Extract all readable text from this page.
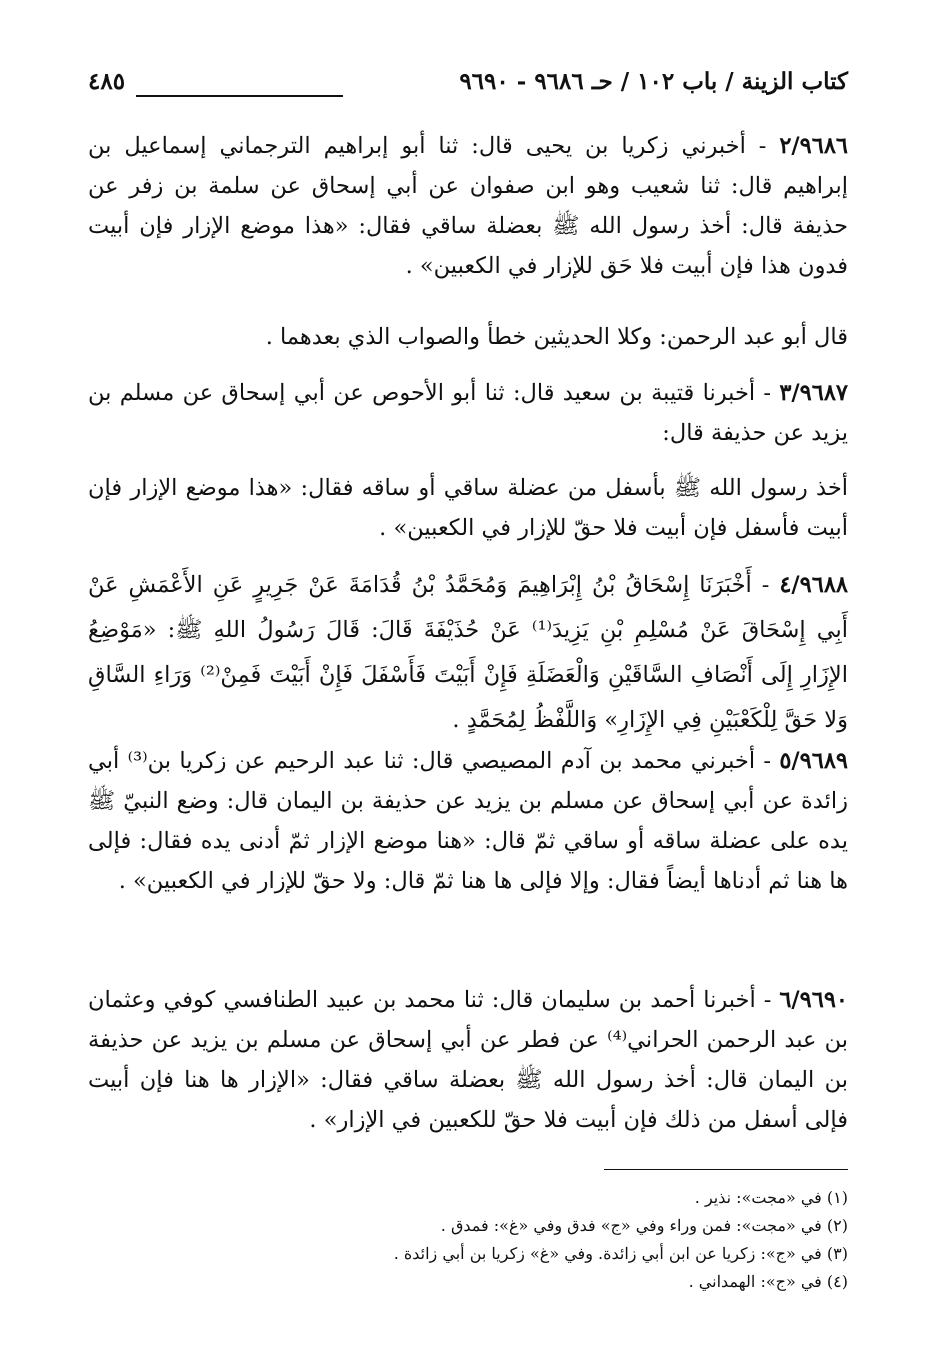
كتاب الزينة / باب ١٠٢ / حـ ٩٦٨٦ - ٩٦٩٠
٤٨٥

٢/٩٦٨٦ - أخبرني زكريا بن يحيى قال: ثنا أبو إبراهيم الترجماني إسماعيل بن إبراهيم قال: ثنا شعيب وهو ابن صفوان عن أبي إسحاق عن سلمة بن زفر عن حذيفة قال: أخذ رسول الله ﷺ بعضلة ساقي فقال: «هذا موضع الإزار فإن أبيت فدون هذا فإن أبيت فلا حَق للإزار في الكعبين» .

قال أبو عبد الرحمن: وكلا الحديثين خطأ والصواب الذي بعدهما .

٣/٩٦٨٧ - أخبرنا قتيبة بن سعيد قال: ثنا أبو الأحوص عن أبي إسحاق عن مسلم بن يزيد عن حذيفة قال:

أخذ رسول الله ﷺ بأسفل من عضلة ساقي أو ساقه فقال: «هذا موضع الإزار فإن أبيت فأسفل فإن أبيت فلا حقّ للإزار في الكعبين» .

٤/٩٦٨٨ - أَخْبَرَنَا إِسْحَاقُ بْنُ إِبْرَاهِيمَ وَمُحَمَّدُ بْنُ قُدَامَةَ عَنْ جَرِيرٍ عَنِ الأَعْمَشِ عَنْ أَبِي إِسْحَاقَ عَنْ مُسْلِمِ بْنِ يَزِيدَ⁽¹⁾ عَنْ حُذَيْفَةَ قَالَ: قَالَ رَسُولُ اللهِ ﷺ: «مَوْضِعُ الإِزَارِ إِلَى أَنْصَافِ السَّاقَيْنِ وَالْعَضَلَةِ فَإِنْ أَبَيْتَ فَأَسْفَلَ فَإِنْ أَبَيْتَ فَمِنْ⁽²⁾ وَرَاءِ السَّاقِ وَلا حَقَّ لِلْكَعْبَيْنِ فِي الإِزَارِ» وَاللَّفْظُ لِمُحَمَّدٍ .

٥/٩٦٨٩ - أخبرني محمد بن آدم المصيصي قال: ثنا عبد الرحيم عن زكريا بن⁽³⁾ أبي زائدة عن أبي إسحاق عن مسلم بن يزيد عن حذيفة بن اليمان قال: وضع النبيّ ﷺ يده على عضلة ساقه أو ساقي ثمّ قال: «هنا موضع الإزار ثمّ أدنى يده فقال: فإلى ها هنا ثم أدناها أيضاً فقال: وإلا فإلى ها هنا ثمّ قال: ولا حقّ للإزار في الكعبين» .

٦/٩٦٩٠ - أخبرنا أحمد بن سليمان قال: ثنا محمد بن عبيد الطنافسي كوفي وعثمان بن عبد الرحمن الحراني⁽⁴⁾ عن فطر عن أبي إسحاق عن مسلم بن يزيد عن حذيفة بن اليمان قال: أخذ رسول الله ﷺ بعضلة ساقي فقال: «الإزار ها هنا فإن أبيت فإلى أسفل من ذلك فإن أبيت فلا حقّ للكعبين في الإزار» .

(١) في «مجت»: نذير .
(٢) في «مجت»: فمن وراء وفي «ج» فدق وفي «غ»: فمدق .
(٣) في «ج»: زكريا عن ابن أبي زائدة. وفي «غ» زكريا بن أبي زائدة .
(٤) في «ج»: الهمداني .
